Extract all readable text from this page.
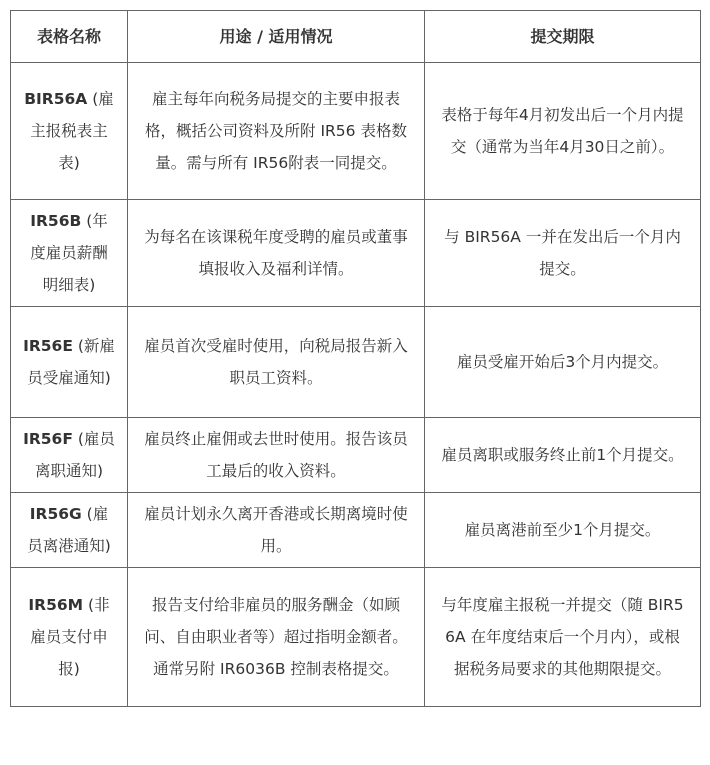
表格名称	用途 / 适用情况	提交期限
BIR56A (雇主报税表主表)	雇主每年向税务局提交的主要申报表格，概括公司资料及所附 IR56 表格数量。需与所有 IR56附表一同提交。	表格于每年4月初发出后一个月内提交（通常为当年4月30日之前）。
IR56B (年度雇员薪酬明细表)	为每名在该课税年度受聘的雇员或董事填报收入及福利详情。	与 BIR56A 一并在发出后一个月内提交。
IR56E (新雇员受雇通知)	雇员首次受雇时使用，向税局报告新入职员工资料。	雇员受雇开始后3个月内提交。
IR56F (雇员离职通知)	雇员终止雇佣或去世时使用。报告该员工最后的收入资料。	雇员离职或服务终止前1个月提交。
IR56G (雇员离港通知)	雇员计划永久离开香港或长期离境时使用。	雇员离港前至少1个月提交。
IR56M (非雇员支付申报)	报告支付给非雇员的服务酬金（如顾问、自由职业者等）超过指明金额者。通常另附 IR6036B 控制表格提交。	与年度雇主报税一并提交（随 BIR56A 在年度结束后一个月内），或根据税务局要求的其他期限提交。
